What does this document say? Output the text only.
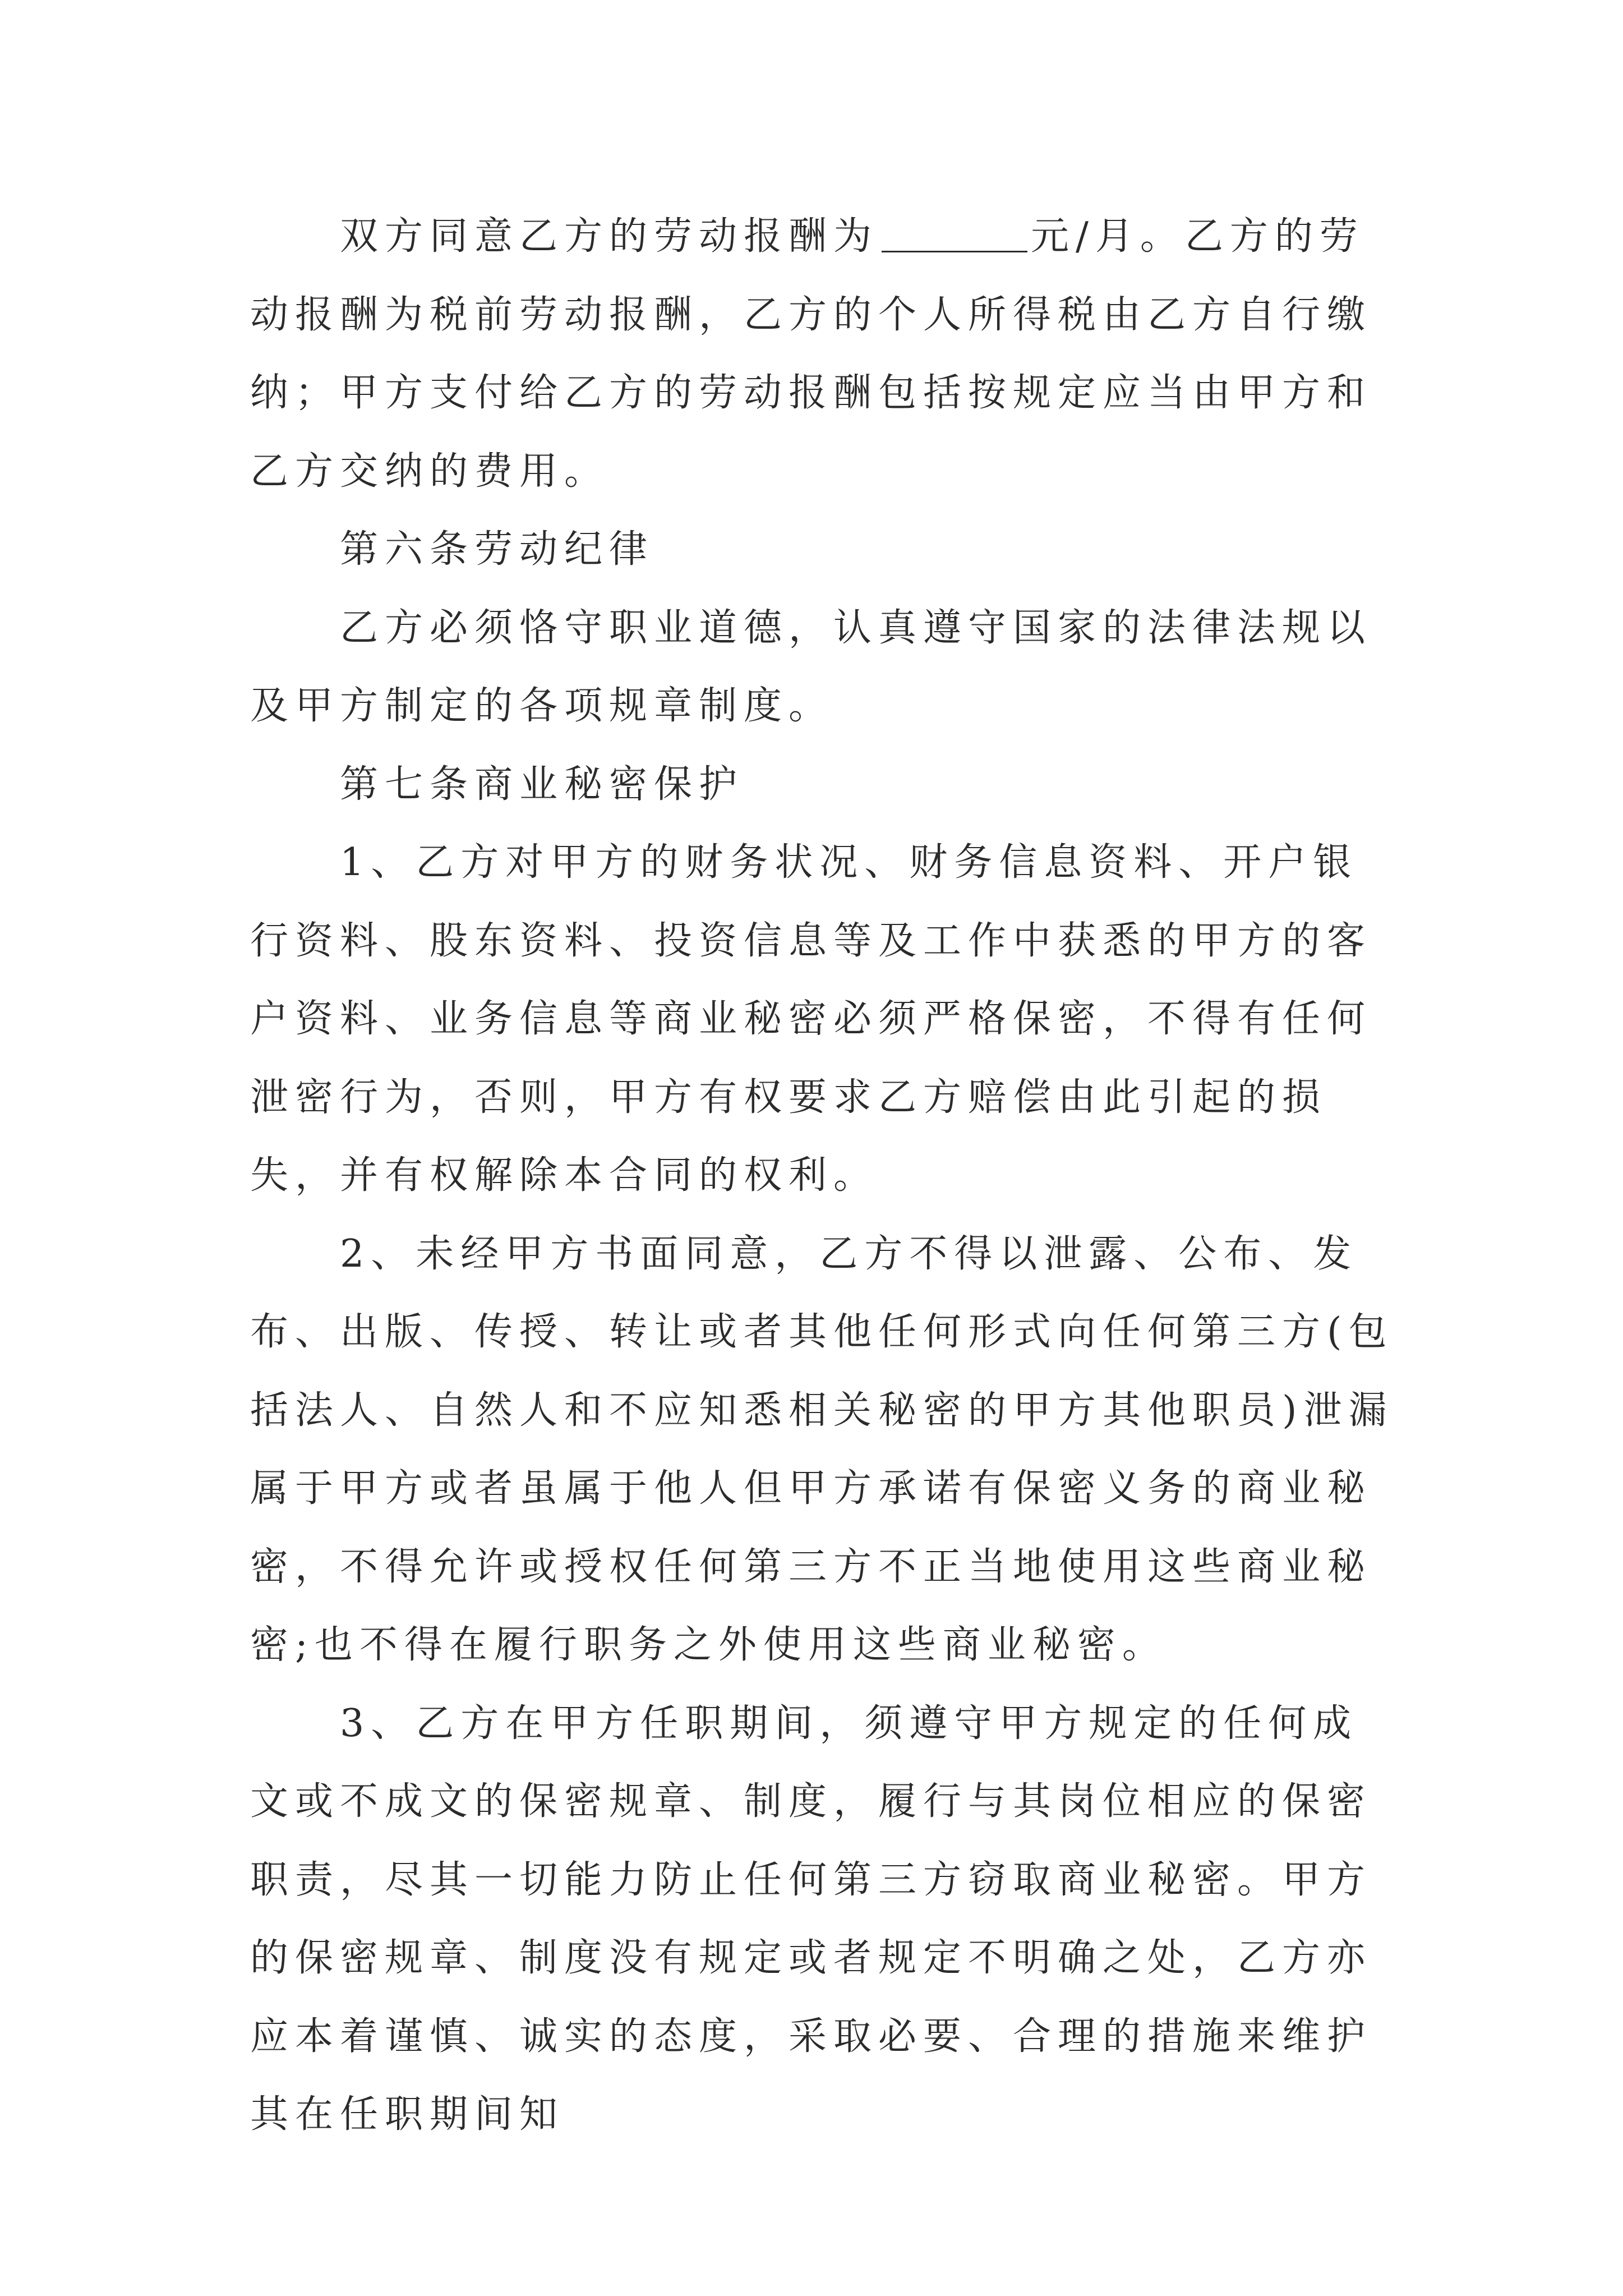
双方同意乙方的劳动报酬为	元/月。乙方的劳动报酬为税前劳动报酬，乙方的个人所得税由乙方自行缴纳；甲方支付给乙方的劳动报酬包括按规定应当由甲方和乙方交纳的费用。

第六条劳动纪律

乙方必须恪守职业道德，认真遵守国家的法律法规以及甲方制定的各项规章制度。

第七条商业秘密保护

1、乙方对甲方的财务状况、财务信息资料、开户银行资料、股东资料、投资信息等及工作中获悉的甲方的客户资料、业务信息等商业秘密必须严格保密，不得有任何泄密行为，否则，甲方有权要求乙方赔偿由此引起的损失，并有权解除本合同的权利。

2、未经甲方书面同意，乙方不得以泄露、公布、发布、出版、传授、转让或者其他任何形式向任何第三方(包括法人、自然人和不应知悉相关秘密的甲方其他职员)泄漏属于甲方或者虽属于他人但甲方承诺有保密义务的商业秘密，不得允许或授权任何第三方不正当地使用这些商业秘密;也不得在履行职务之外使用这些商业秘密。

3、乙方在甲方任职期间，须遵守甲方规定的任何成文或不成文的保密规章、制度，履行与其岗位相应的保密职责，尽其一切能力防止任何第三方窃取商业秘密。甲方的保密规章、制度没有规定或者规定不明确之处，乙方亦应本着谨慎、诚实的态度，采取必要、合理的措施来维护其在任职期间知
